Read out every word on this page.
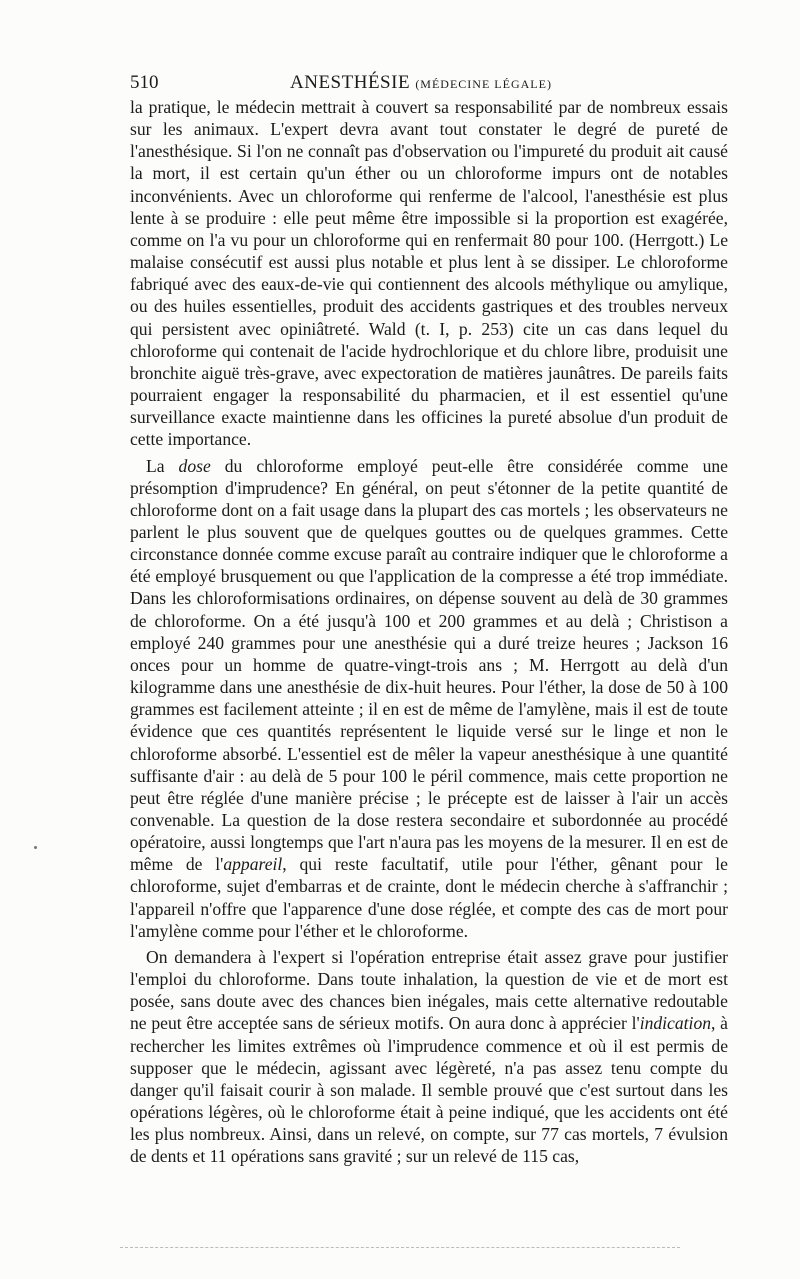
510	ANESTHÉSIE (MÉDECINE LÉGALE)

la pratique, le médecin mettrait à couvert sa responsabilité par de nombreux essais sur les animaux. L'expert devra avant tout constater le degré de pureté de l'anesthésique. Si l'on ne connaît pas d'observation ou l'impureté du produit ait causé la mort, il est certain qu'un éther ou un chloroforme impurs ont de notables inconvénients. Avec un chloroforme qui renferme de l'alcool, l'anesthésie est plus lente à se produire : elle peut même être impossible si la proportion est exagérée, comme on l'a vu pour un chloroforme qui en renfermait 80 pour 100. (Herrgott.) Le malaise consécutif est aussi plus notable et plus lent à se dissiper. Le chloroforme fabriqué avec des eaux-de-vie qui contiennent des alcools méthylique ou amylique, ou des huiles essentielles, produit des accidents gastriques et des troubles nerveux qui persistent avec opiniâtreté. Wald (t. I, p. 253) cite un cas dans lequel du chloroforme qui contenait de l'acide hydrochlorique et du chlore libre, produisit une bronchite aiguë très-grave, avec expectoration de matières jaunâtres. De pareils faits pourraient engager la responsabilité du pharmacien, et il est essentiel qu'une surveillance exacte maintienne dans les officines la pureté absolue d'un produit de cette importance.

La dose du chloroforme employé peut-elle être considérée comme une présomption d'imprudence? En général, on peut s'étonner de la petite quantité de chloroforme dont on a fait usage dans la plupart des cas mortels ; les observateurs ne parlent le plus souvent que de quelques gouttes ou de quelques grammes. Cette circonstance donnée comme excuse paraît au contraire indiquer que le chloroforme a été employé brusquement ou que l'application de la compresse a été trop immédiate. Dans les chloroformisations ordinaires, on dépense souvent au delà de 30 grammes de chloroforme. On a été jusqu'à 100 et 200 grammes et au delà ; Christison a employé 240 grammes pour une anesthésie qui a duré treize heures ; Jackson 16 onces pour un homme de quatre-vingt-trois ans ; M. Herrgott au delà d'un kilogramme dans une anesthésie de dix-huit heures. Pour l'éther, la dose de 50 à 100 grammes est facilement atteinte ; il en est de même de l'amylène, mais il est de toute évidence que ces quantités représentent le liquide versé sur le linge et non le chloroforme absorbé. L'essentiel est de mêler la vapeur anesthésique à une quantité suffisante d'air : au delà de 5 pour 100 le péril commence, mais cette proportion ne peut être réglée d'une manière précise ; le précepte est de laisser à l'air un accès convenable. La question de la dose restera secondaire et subordonnée au procédé opératoire, aussi longtemps que l'art n'aura pas les moyens de la mesurer. Il en est de même de l'appareil, qui reste facultatif, utile pour l'éther, gênant pour le chloroforme, sujet d'embarras et de crainte, dont le médecin cherche à s'affranchir ; l'appareil n'offre que l'apparence d'une dose réglée, et compte des cas de mort pour l'amylène comme pour l'éther et le chloroforme.

On demandera à l'expert si l'opération entreprise était assez grave pour justifier l'emploi du chloroforme. Dans toute inhalation, la question de vie et de mort est posée, sans doute avec des chances bien inégales, mais cette alternative redoutable ne peut être acceptée sans de sérieux motifs. On aura donc à apprécier l'indication, à rechercher les limites extrêmes où l'imprudence commence et où il est permis de supposer que le médecin, agissant avec légèreté, n'a pas assez tenu compte du danger qu'il faisait courir à son malade. Il semble prouvé que c'est surtout dans les opérations légères, où le chloroforme était à peine indiqué, que les accidents ont été les plus nombreux. Ainsi, dans un relevé, on compte, sur 77 cas mortels, 7 évulsion de dents et 11 opérations sans gravité ; sur un relevé de 115 cas,
